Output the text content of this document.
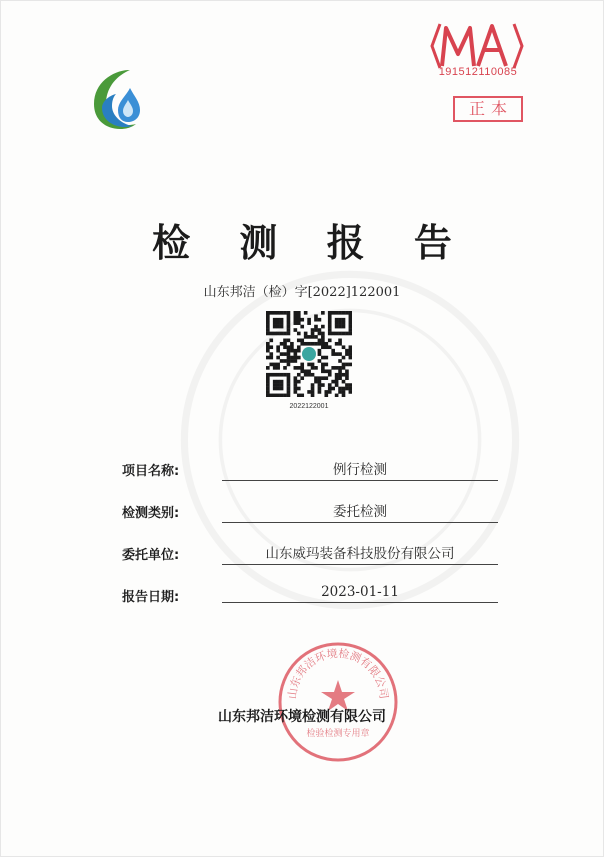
191512110085
正本
检 测 报 告
山东邦洁（检）字[2022]122001
2022122001
项目名称:	例行检测
检测类别:	委托检测
委托单位:	山东威玛装备科技股份有限公司
报告日期:	2023-01-11
山东邦洁环境检测有限公司
检验检测专用章
山东邦洁环境检测有限公司
